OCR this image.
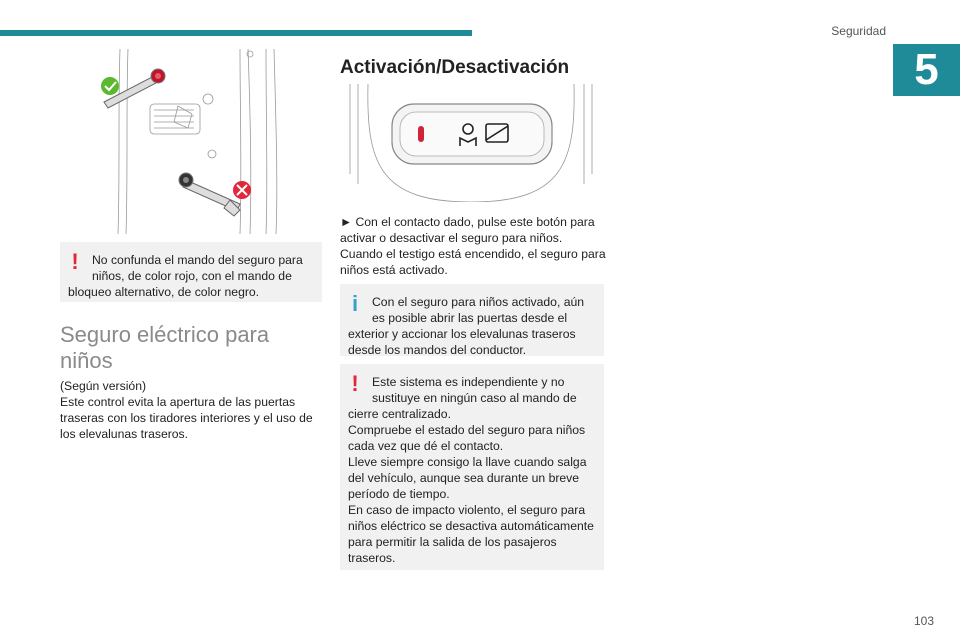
Seguridad
5
!	No confunda el mando del seguro para niños, de color rojo, con el mando de

bloqueo alternativo, de color negro.

Seguro eléctrico para
niños

(Según versión)

Este control evita la apertura de las puertas traseras con los tiradores interiores y el uso de los elevalunas traseros.

Activación/Desactivación

► Con el contacto dado, pulse este botón para activar o desactivar el seguro para niños.

Cuando el testigo está encendido, el seguro para niños está activado.

i	Con el seguro para niños activado, aún es posible abrir las puertas desde el

exterior y accionar los elevalunas traseros desde los mandos del conductor.

!	Este sistema es independiente y no sustituye en ningún caso al mando de

cierre centralizado.

Compruebe el estado del seguro para niños cada vez que dé el contacto.

Lleve siempre consigo la llave cuando salga del vehículo, aunque sea durante un breve período de tiempo.

En caso de impacto violento, el seguro para niños eléctrico se desactiva automáticamente para permitir la salida de los pasajeros traseros.

103
